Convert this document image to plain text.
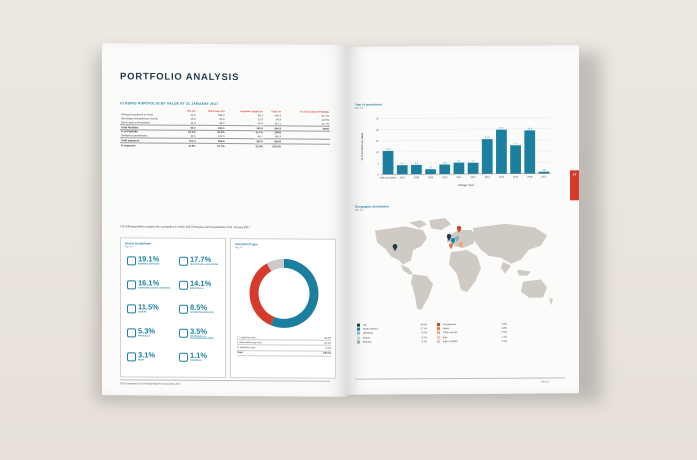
PORTFOLIO ANALYSIS
CLOSING PORTFOLIO BY VALUE AT 31 JANUARY 2017
	ICG £m	Third party £m	Graphite Capital £m	Total £m	% of investment Portfolio
Primary investment in funds	22.9	344.9	89.1	566.3	41.7%
Secondary investments in funds	16.8	91.9	22.8	96.9	14.6%
Direct and co-investment	12.8	84.0	40.0	141.1	21.7%
Total Portfolio	60.3	244.1	240.9	544.3	100%
% of Portfolio	10.1%	44.2%	33.7%	100%	
Undrawn commitments	41.1	222.5	46.7	306.3	
Total exposure	101.4	693.6	287.6	854.6	
% exposure	11.9%	67.7%	22.0%	100.0%	
The following tables analyse the companies in which ICG Enterprise had investments at 31 January 2017
Sector breakdown
Fig. 4.1
19.1%
BUSINESS SERVICES
17.7%
HEALTHCARE & EDUCATION
16.1%
CONSUMER GOODS & SERVICES
14.1%
INDUSTRIALS
11.5%
LEISURE
8.5%
AUTOMOTIVE SERVICES
5.3%
FINANCIALS
3.5%
TECHNOLOGY & TELECOMMUNICATIONS
3.1%
MEDIA
1.1%
CHEMICALS
Investment type
Fig. 4.2
1. Large buy-outs	56.3%
2. Mid-market buy-outs	35.4%
3. Small buy-outs	8.3%
Total	100.0%
ICG Enterprise Trust Annual Report & Accounts 2017
Year of investment
Fig. 4.3
0
5
10
15
20
25
10.5
2006 and before
4.1
2007
4.2
2008
2.2
2009
4.3
2010
5.1
2011
5
2012
15.5
2013
19.7
2014
12.7
2015
19.3
2016
0.8
2017
Vintage Year
% of portfolio by value
14
Geographic distribution
Fig. 4.4
UK	34.5%
North America	27.1%
Germany	6.2%
France	6.2%
Benelux	3.4%
Scandinavia	4.9%
Spain	3.8%
Other Europe	5.5%
Italy	1.7%
Rest of World	1.9%
16 | 17
